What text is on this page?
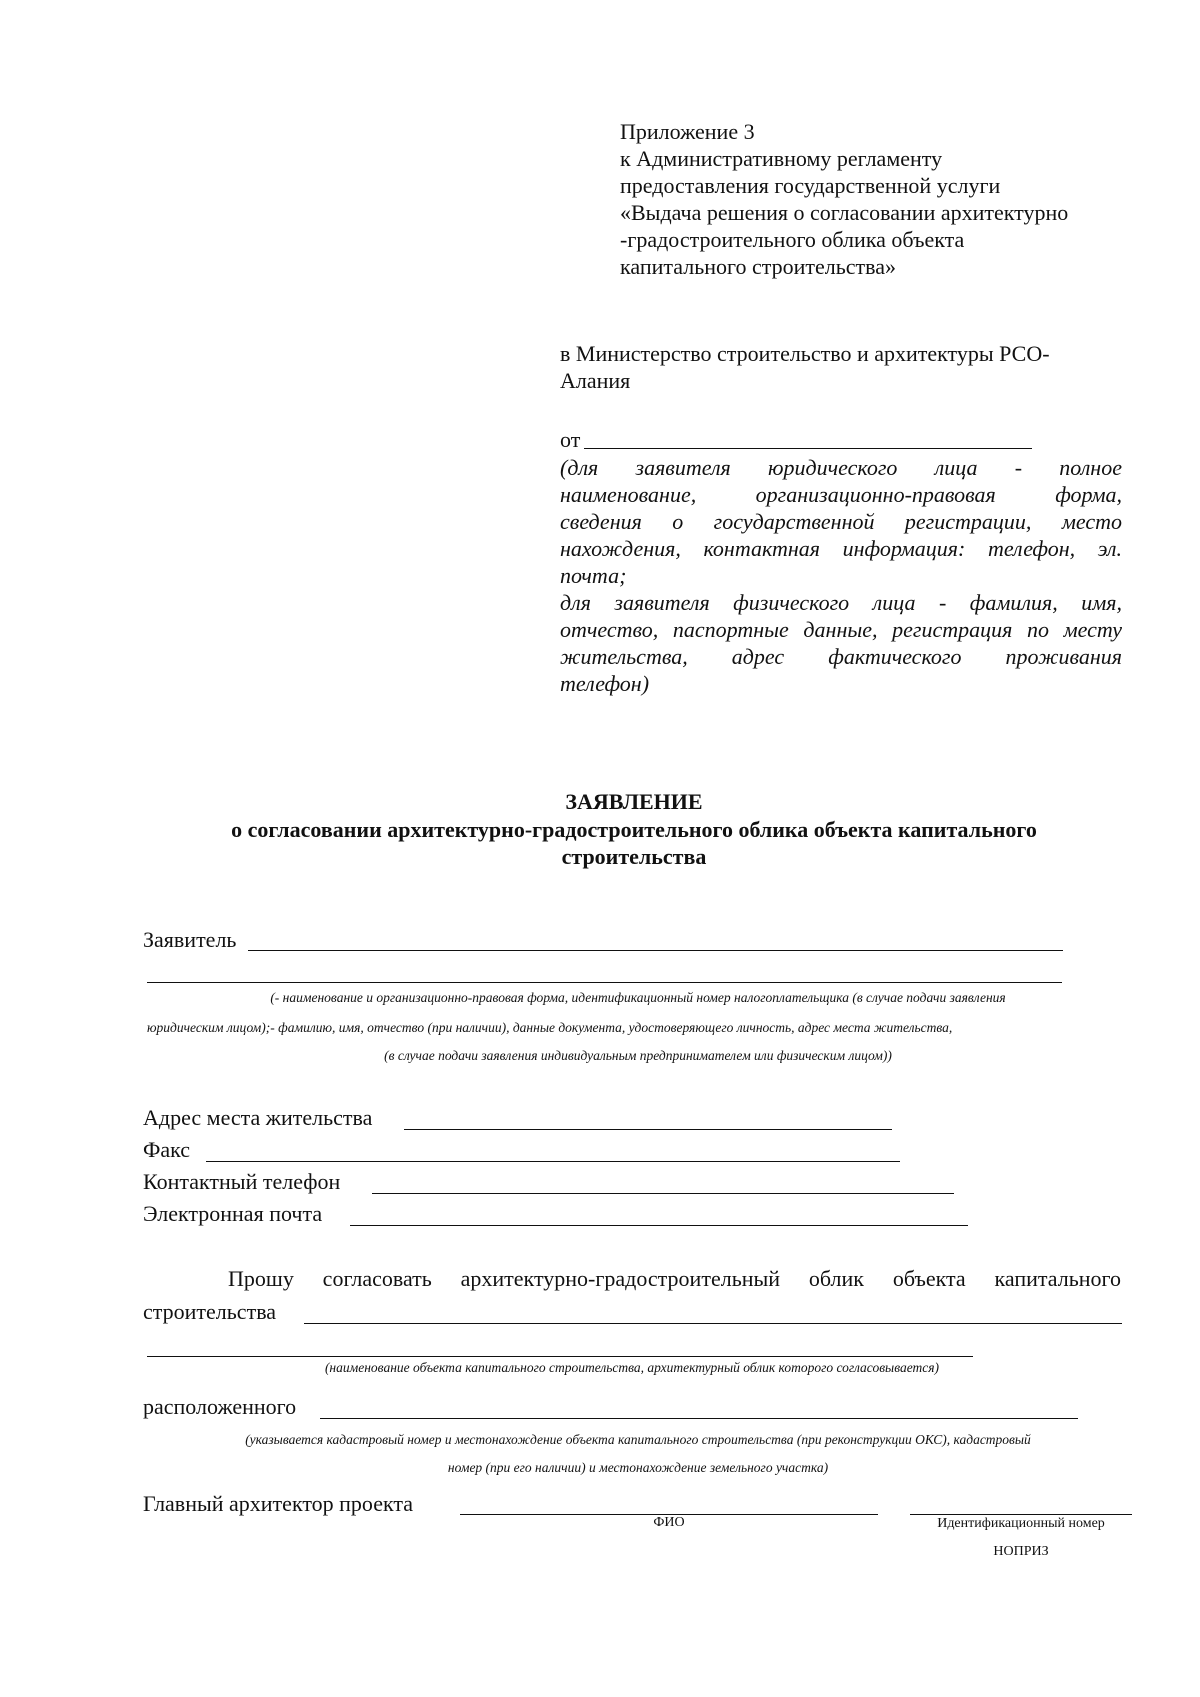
Приложение 3
к Административному регламенту
предоставления государственной услуги
«Выдача решения о согласовании архитектурно
-градостроительного облика объекта
капитального строительства»
в Министерство строительство и архитектуры РСО-
Алания
от
(для заявителя юридического лица - полное
наименование, организационно-правовая форма,
сведения о государственной регистрации, место
нахождения, контактная информация: телефон, эл.
почта;
для заявителя физического лица - фамилия, имя,
отчество, паспортные данные, регистрация по месту
жительства, адрес фактического проживания
телефон)
ЗАЯВЛЕНИЕ
о согласовании архитектурно-градостроительного облика объекта капитального
строительства
Заявитель
(- наименование и организационно-правовая форма, идентификационный номер налогоплательщика (в случае подачи заявления
юридическим лицом);- фамилию, имя, отчество (при наличии), данные документа, удостоверяющего личность, адрес места жительства,
(в случае подачи заявления индивидуальным предпринимателем или физическим лицом))
Адрес места жительства
Факс
Контактный телефон
Электронная почта
Прошу согласовать архитектурно-градостроительный облик объекта капитального
строительства
(наименование объекта капитального строительства, архитектурный облик которого согласовывается)
расположенного
(указывается кадастровый номер и местонахождение объекта капитального строительства (при реконструкции ОКС), кадастровый
номер (при его наличии) и местонахождение земельного участка)
Главный архитектор проекта
ФИО	Идентификационный номер
НОПРИЗ
